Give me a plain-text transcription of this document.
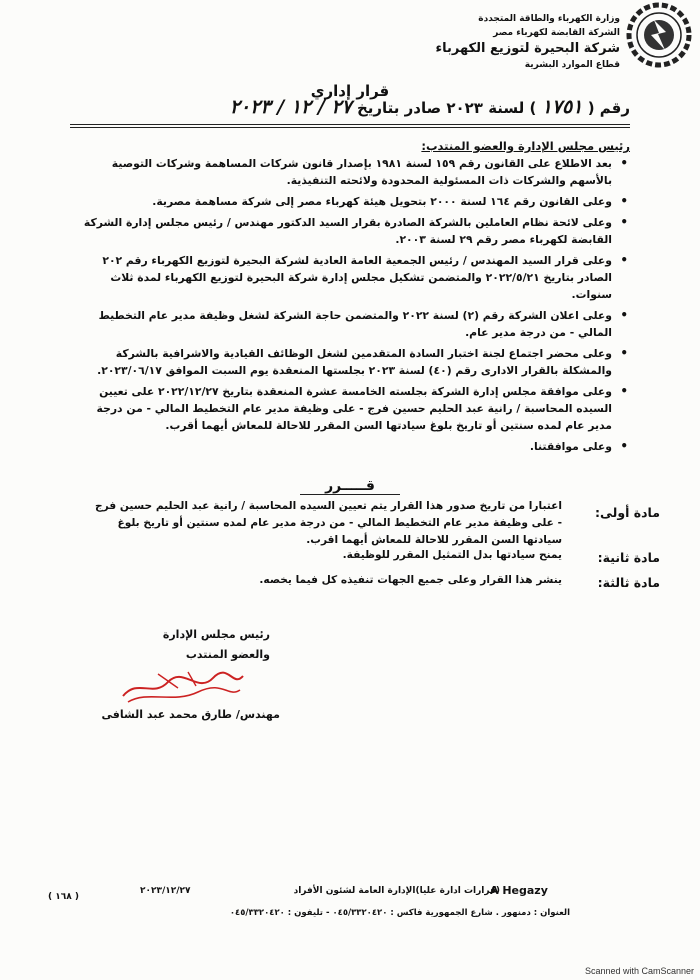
وزارة الكهرباء والطاقة المتجددة
الشركة القابضة لكهرباء مصر
شركة البحيرة لتوزيع الكهرباء
قطاع الموارد البشرية
قرار إداري
رقم ( ١٧٥١ ) لسنة ٢٠٢٣ صادر بتاريخ ٢٧ / ١٢ / ٢٠٢٣
رئيس مجلس الإدارة والعضو المنتدب:
• بعد الاطلاع على القانون رقم ١٥٩ لسنة ١٩٨١ بإصدار قانون شركات المساهمة وشركات التوصية بالأسهم والشركات ذات المسئولية المحدودة ولائحته التنفيذية.
• وعلى القانون رقم ١٦٤ لسنة ٢٠٠٠ بتحويل هيئة كهرباء مصر إلى شركة مساهمة مصرية.
• وعلى لائحة نظام العاملين بالشركة الصادرة بقرار السيد الدكتور مهندس / رئيس مجلس إدارة الشركة القابضة لكهرباء مصر رقم ٢٩ لسنة ٢٠٠٣.
• وعلى قرار السيد المهندس / رئيس الجمعية العامة العادية لشركة البحيرة لتوزيع الكهرباء رقم ٢٠٢ الصادر بتاريخ ٢٠٢٢/٥/٢١ والمتضمن تشكيل مجلس إدارة شركة البحيرة لتوزيع الكهرباء لمدة ثلاث سنوات.
• وعلى اعلان الشركة رقم (٢) لسنة ٢٠٢٢ والمتضمن حاجة الشركة لشغل وظيفة مدير عام التخطيط المالي - من درجة مدير عام.
• وعلى محضر اجتماع لجنة اختبار السادة المتقدمين لشغل الوظائف القيادية والاشرافية بالشركة والمشكلة بالقرار الادارى رقم (٤٠) لسنة ٢٠٢٣ بجلستها المنعقدة يوم السبت الموافق ٢٠٢٣/٠٦/١٧.
• وعلى موافقة مجلس إدارة الشركة بجلسته الخامسة عشرة المنعقدة بتاريخ ٢٠٢٢/١٢/٢٧ على تعيين السيده المحاسبة / رانية عبد الحليم حسين فرج - على وظيفة مدير عام التخطيط المالي - من درجة مدير عام لمده سنتين أو تاريخ بلوغ سيادتها السن المقرر للاحالة للمعاش أيهما أقرب.
• وعلى موافقتنا.
قـــــرر
مادة أولى:
اعتبارا من تاريخ صدور هذا القرار يتم تعيين السيده المحاسبة / رانية عبد الحليم حسين فرج - على وظيفة مدير عام التخطيط المالي - من درجة مدير عام لمده سنتين أو تاريخ بلوغ سيادتها السن المقرر للاحالة للمعاش أيهما اقرب.
مادة ثانية:
يمنح سيادتها بدل التمثيل المقرر للوظيفة.
مادة ثالثة:
ينشر هذا القرار وعلى جميع الجهات تنفيذه كل فيما يخصه.
رئيس مجلس الإدارة
والعضو المنتدب
مهندس/ طارق محمد عبد الشافى
( ١٦٨ )
٢٠٢٣/١٢/٢٧	(قرارات ادارة عليا)الإدارة العامة لشئون الأفراد
A Hegazy
العنوان : دمنهور . شارع الجمهورية فاكس : ٠٤٥/٣٣٢٠٤٢٠ - تليفون : ٠٤٥/٣٣٢٠٤٢٠
Scanned with CamScanner
